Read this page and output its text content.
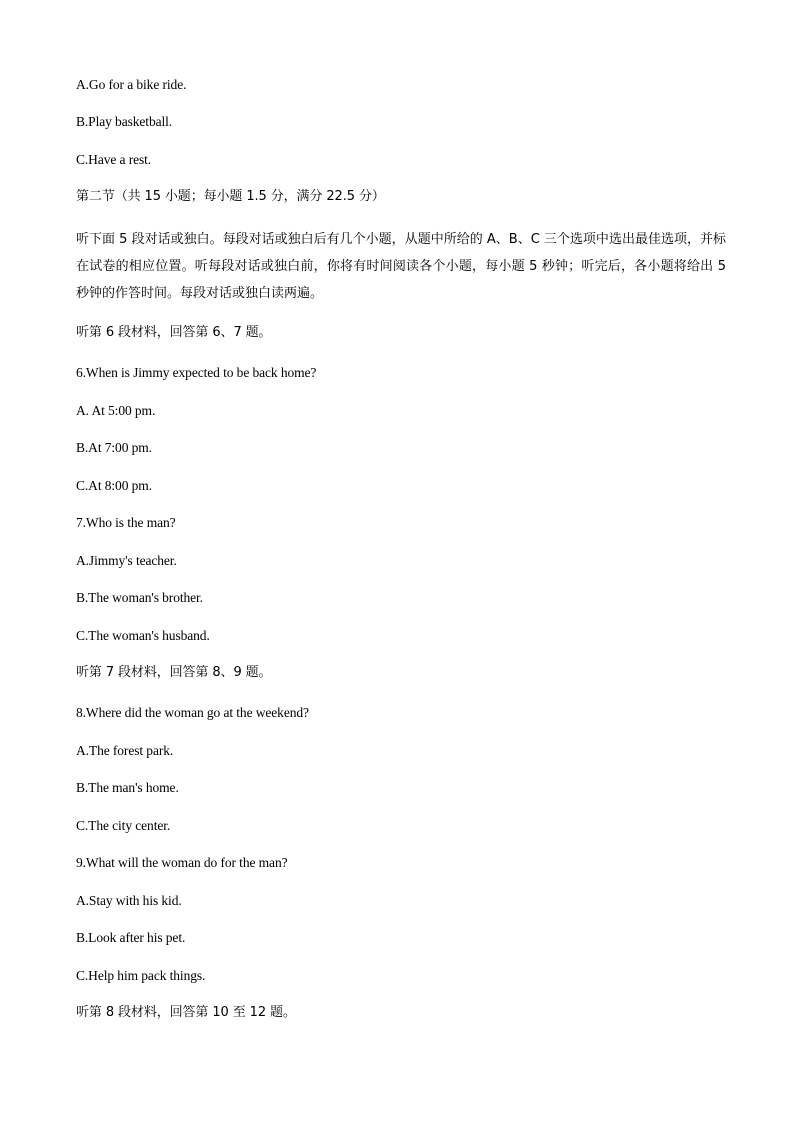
A.Go for a bike ride.
B.Play basketball.
C.Have a rest.
第二节（共 15 小题；每小题 1.5 分，满分 22.5 分）
听下面 5 段对话或独白。每段对话或独白后有几个小题，从题中所给的 A、B、C 三个选项中选出最佳选项，并标在试卷的相应位置。听每段对话或独白前，你将有时间阅读各个小题，每小题 5 秒钟；听完后，各小题将给出 5 秒钟的作答时间。每段对话或独白读两遍。
听第 6 段材料，回答第 6、7 题。
6.When is Jimmy expected to be back home?
A. At 5:00 pm.
B.At 7:00 pm.
C.At 8:00 pm.
7.Who is the man?
A.Jimmy's teacher.
B.The woman's brother.
C.The woman's husband.
听第 7 段材料，回答第 8、9 题。
8.Where did the woman go at the weekend?
A.The forest park.
B.The man's home.
C.The city center.
9.What will the woman do for the man?
A.Stay with his kid.
B.Look after his pet.
C.Help him pack things.
听第 8 段材料，回答第 10 至 12 题。
